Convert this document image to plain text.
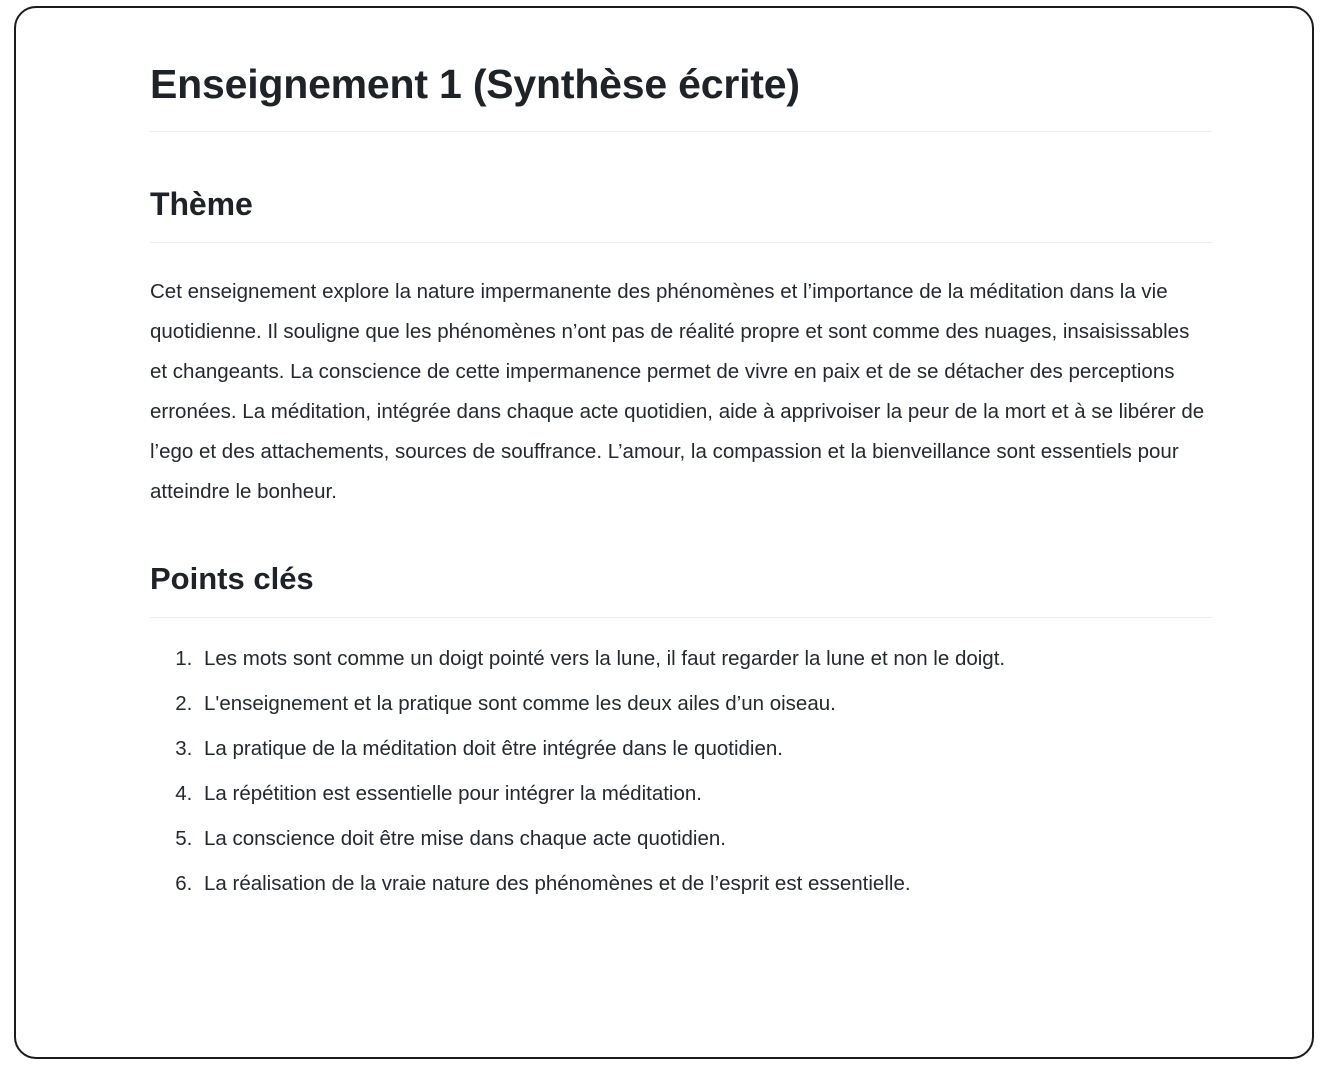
Enseignement 1 (Synthèse écrite)
Thème

Cet enseignement explore la nature impermanente des phénomènes et l’importance de la méditation dans la vie quotidienne. Il souligne que les phénomènes n’ont pas de réalité propre et sont comme des nuages, insaisissables et changeants. La conscience de cette impermanence permet de vivre en paix et de se détacher des perceptions erronées. La méditation, intégrée dans chaque acte quotidien, aide à apprivoiser la peur de la mort et à se libérer de l’ego et des attachements, sources de souffrance. L’amour, la compassion et la bienveillance sont essentiels pour atteindre le bonheur.

Points clés
1. Les mots sont comme un doigt pointé vers la lune, il faut regarder la lune et non le doigt.
2. L'enseignement et la pratique sont comme les deux ailes d’un oiseau.
3. La pratique de la méditation doit être intégrée dans le quotidien.
4. La répétition est essentielle pour intégrer la méditation.
5. La conscience doit être mise dans chaque acte quotidien.
6. La réalisation de la vraie nature des phénomènes et de l’esprit est essentielle.
